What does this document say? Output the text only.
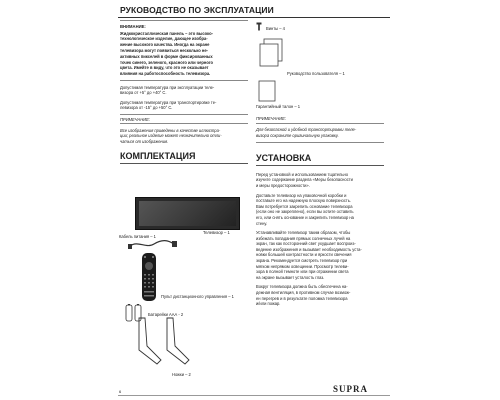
РУКОВОДСТВО ПО ЭКСПЛУАТАЦИИ
ВНИМАНИЕ:
Жидкокристаллическая панель – это высоко-
технологическое изделие, дающее изобра-
жение высокого качества. Иногда на экране
телевизора могут появиться несколько не-
активных пикселей в форме фиксированных
точек синего, зеленого, красного или черного
цвета. Имейте в виду, что это не оказывает
влияния на работоспособность телевизора.
Допустимая температура при эксплуатации теле-
визора от +5° до +40° С.
Допустимая температура при транспортировке те-
левизора от -15° до +50° С.
ПРИМЕЧАНИЕ:
Все изображения приведены в качестве иллюстра-
ции; реальное изделие может незначительно отли-
чаться от изображения.
КОМПЛЕКТАЦИЯ
Телевизор – 1
Кабель питания – 1
Пульт дистанционного управления – 1
Батарейки ААА - 2
Ножки – 2
Винты – 4
Руководство пользователя – 1
Гарантийный талон – 1
ПРИМЕЧАНИЕ:
Для безопасной и удобной транспортировки теле-
визора сохраните оригинальную упаковку.
УСТАНОВКА
Перед установкой и использованием тщательно
изучите содержание раздела «Меры безопасности
и меры предосторожности».
Доставьте телевизор на упаковочной коробки и
поставьте его на надежную плоскую поверхность.
Вам потребуется закрепить основание телевизора
(если оно не закреплено), если вы хотите оставить
его, или снять основание и закрепить телевизор на
стену.
Устанавливайте телевизор таким образом, чтобы
избежать попадания прямых солнечных лучей на
экран, так как посторонний свет ухудшает воспроиз-
ведение изображения и вызывает необходимость уста-
новки большей контрастности и яркости свечения
экрана. Рекомендуется смотреть телевизор при
мягком непрямом освещении. Просмотр телеви-
зора в полной темноте или при отражении света
на экране вызывает усталость глаз.
Вокруг телевизора должна быть обеспечена на-
дежная вентиляция, в противном случае возмож-
ен перегрев и в результате поломка телевизора
и/или пожар.
6	SUPRA
